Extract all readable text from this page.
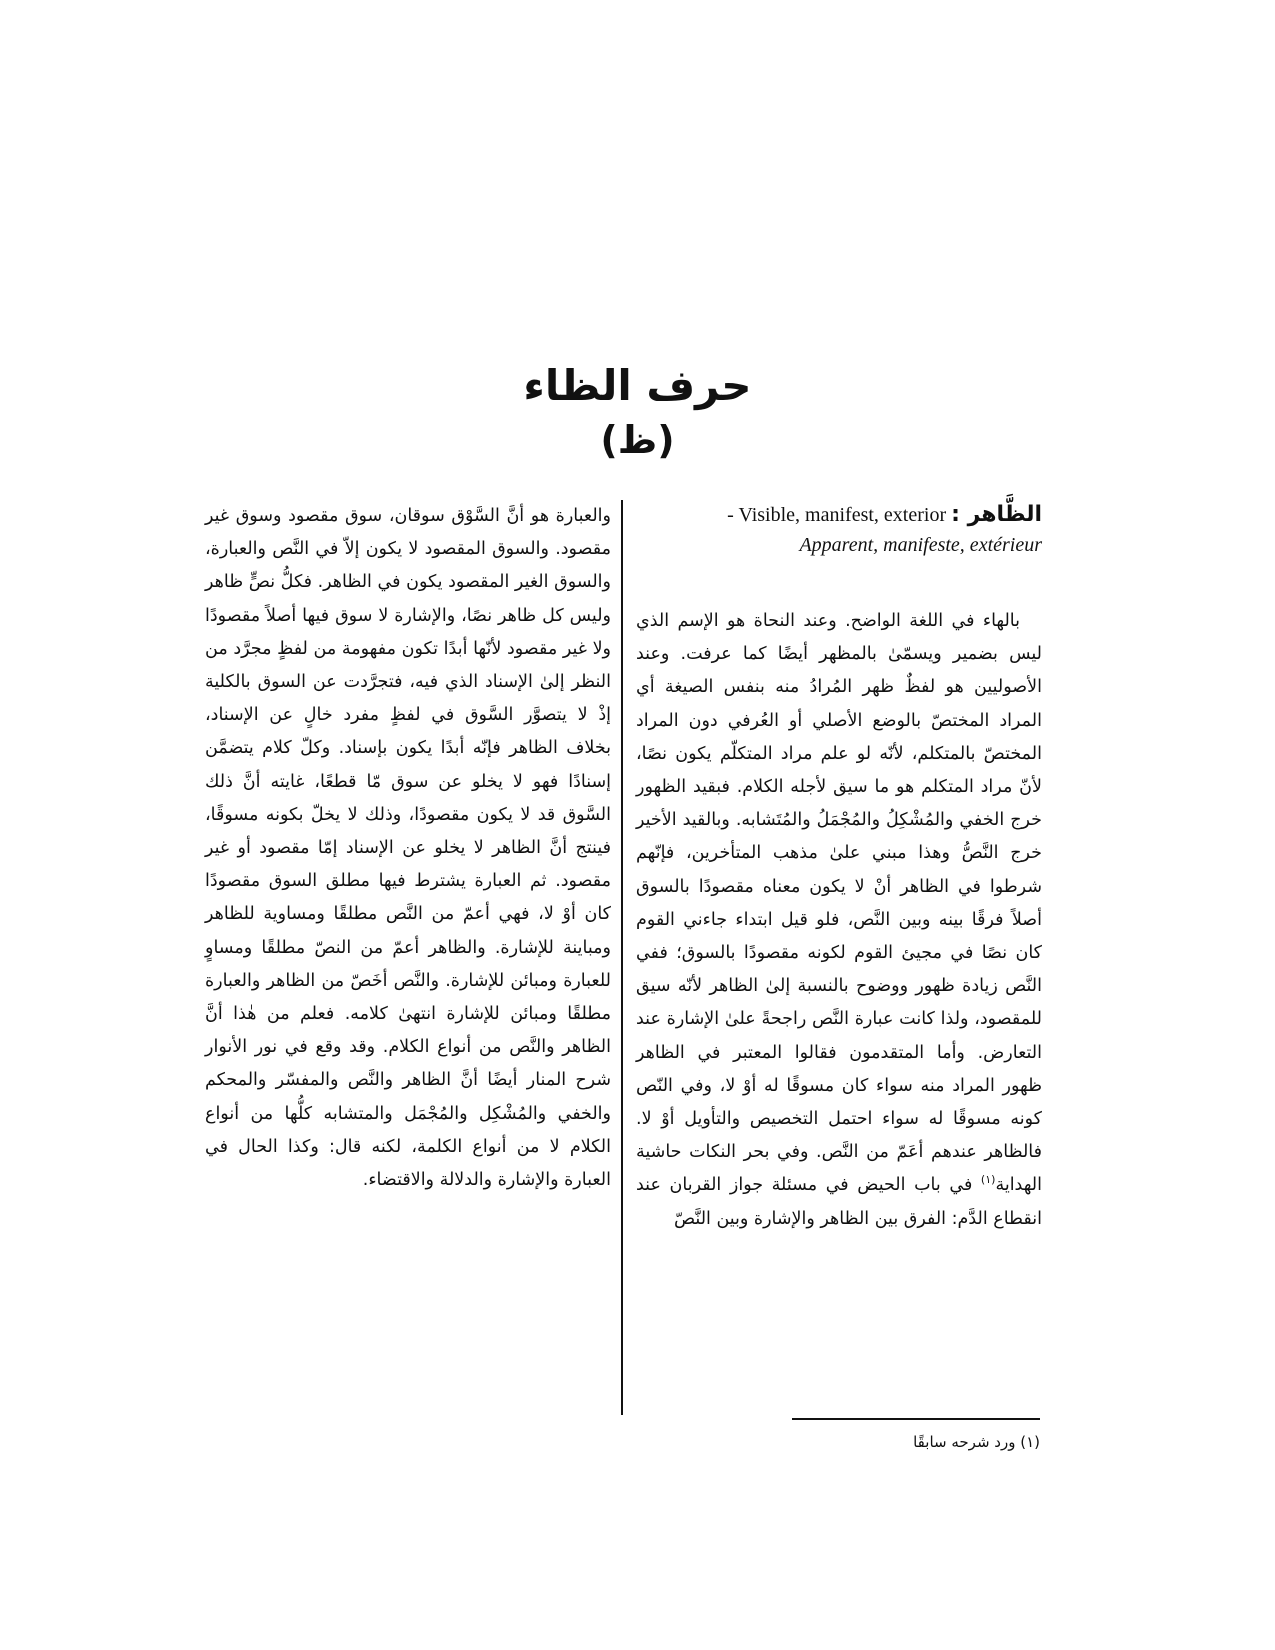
حرف الظاء
(ظ)
- Visible, manifest, exterior الظَّاهر :
Apparent, manifeste, extérieur

بالهاء في اللغة الواضح. وعند النحاة هو الإسم الذي ليس بضمير ويسمّىٰ بالمظهر أيضًا كما عرفت. وعند الأصوليين هو لفظٌ ظهر المُرادُ منه بنفس الصيغة أي المراد المختصّ بالوضع الأصلي أو العُرفي دون المراد المختصّ بالمتكلم، لأنّه لو علم مراد المتكلّم يكون نصًا، لأنّ مراد المتكلم هو ما سيق لأجله الكلام. فبقيد الظهور خرج الخفي والمُشْكِلُ والمُجْمَلُ والمُتَشابه. وبالقيد الأخير خرج النَّصُّ وهذا مبني علىٰ مذهب المتأخرين، فإنّهم شرطوا في الظاهر أنْ لا يكون معناه مقصودًا بالسوق أصلاً فرقًا بينه وبين النَّص، فلو قيل ابتداء جاءني القوم كان نصًا في مجيئ القوم لكونه مقصودًا بالسوق؛ ففي النَّص زيادة ظهور ووضوح بالنسبة إلىٰ الظاهر لأنّه سيق للمقصود، ولذا كانت عبارة النَّص راجحةً علىٰ الإشارة عند التعارض. وأما المتقدمون فقالوا المعتبر في الظاهر ظهور المراد منه سواء كان مسوقًا له أوْ لا، وفي النّص كونه مسوقًا له سواء احتمل التخصيص والتأويل أوْ لا. فالظاهر عندهم أعَمّ من النَّص. وفي بحر النكات حاشية الهداية$^{(١)}$ في باب الحيض في مسئلة جواز القربان عند انقطاع الدَّم: الفرق بين الظاهر والإشارة وبين النَّصّ

والعبارة هو أنَّ السَّوْق سوقان، سوق مقصود وسوق غير مقصود. والسوق المقصود لا يكون إلاّ في النَّص والعبارة، والسوق الغير المقصود يكون في الظاهر. فكلُّ نصٍّ ظاهر وليس كل ظاهر نصًا، والإشارة لا سوق فيها أصلاً مقصودًا ولا غير مقصود لأنّها أبدًا تكون مفهومة من لفظٍ مجرَّد من النظر إلىٰ الإسناد الذي فيه، فتجرَّدت عن السوق بالكلية إذْ لا يتصوَّر السَّوق في لفظٍ مفرد خالٍ عن الإسناد، بخلاف الظاهر فإنّه أبدًا يكون بإسناد. وكلّ كلام يتضمَّن إسنادًا فهو لا يخلو عن سوق مّا قطعًا، غايته أنَّ ذلك السَّوق قد لا يكون مقصودًا، وذلك لا يخلّ بكونه مسوقًا، فينتج أنَّ الظاهر لا يخلو عن الإسناد إمّا مقصود أو غير مقصود. ثم العبارة يشترط فيها مطلق السوق مقصودًا كان أوْ لا، فهي أعمّ من النَّص مطلقًا ومساوية للظاهر ومباينة للإشارة. والظاهر أعمّ من النصّ مطلقًا ومساوٍ للعبارة ومبائن للإشارة. والنَّص أخَصّ من الظاهر والعبارة مطلقًا ومبائن للإشارة انتهىٰ كلامه. فعلم من هٰذا أنَّ الظاهر والنَّص من أنواع الكلام. وقد وقع في نور الأنوار شرح المنار أيضًا أنَّ الظاهر والنَّص والمفسّر والمحكم والخفي والمُشْكِل والمُجْمَل والمتشابه كلُّها من أنواع الكلام لا من أنواع الكلمة، لكنه قال: وكذا الحال في العبارة والإشارة والدلالة والاقتضاء.

(١) ورد شرحه سابقًا
